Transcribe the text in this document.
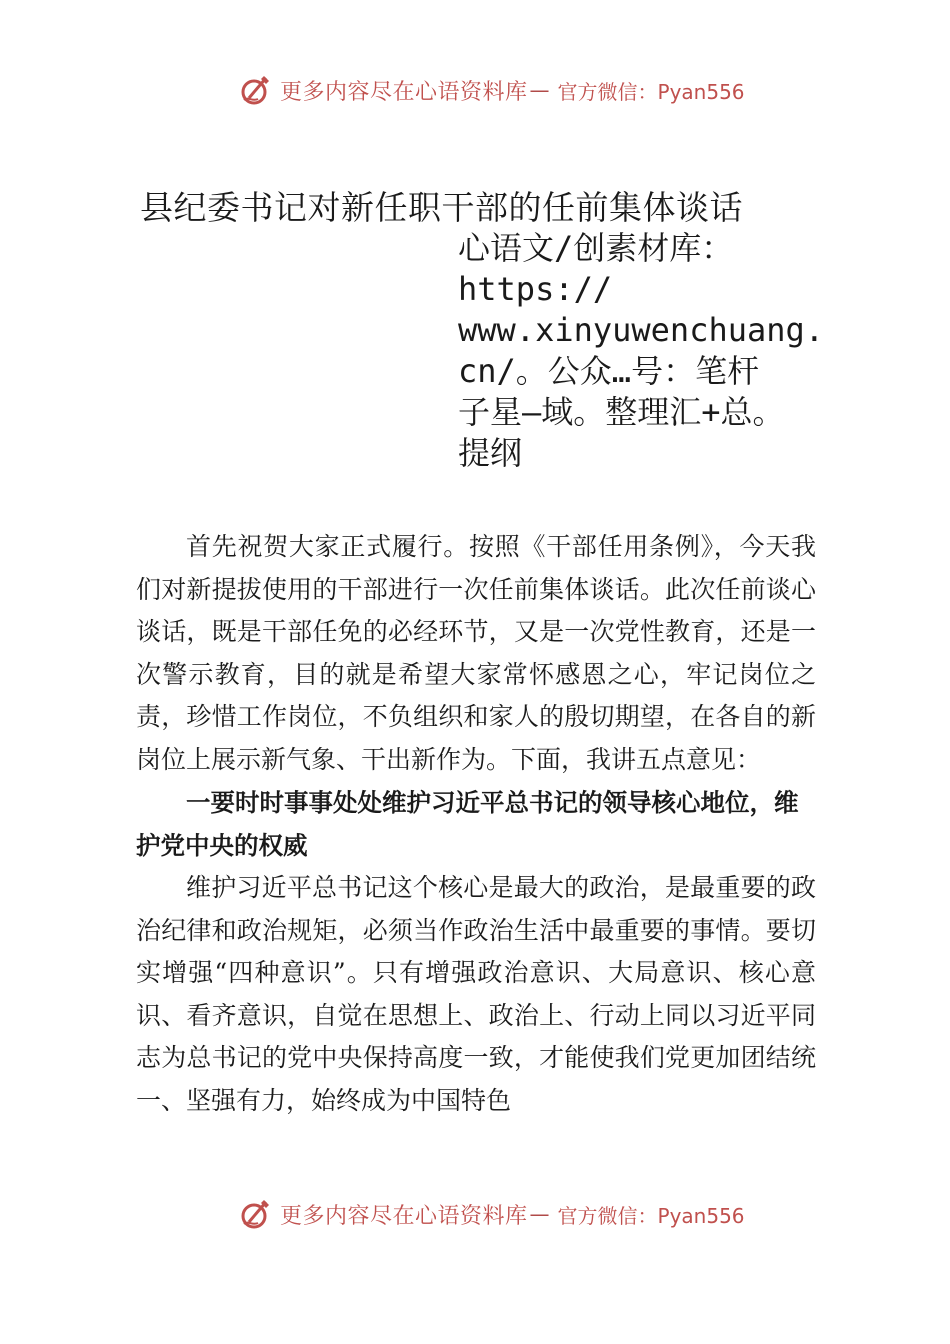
更多内容尽在心语资料库 — 官方微信：Pyan556
县纪委书记对新任职干部的任前集体谈话
心语文/创素材库：
https://
www.xinyuwenchuang.
cn/。公众…号：笔杆
子星—域。整理汇+总。
提纲

首先祝贺大家正式履行。按照《干部任用条例》，今天我们对新提拔使用的干部进行一次任前集体谈话。此次任前谈心谈话，既是干部任免的必经环节，又是一次党性教育，还是一次警示教育，目的就是希望大家常怀感恩之心，牢记岗位之责，珍惜工作岗位，不负组织和家人的殷切期望，在各自的新岗位上展示新气象、干出新作为。下面，我讲五点意见：

一要时时事事处处维护习近平总书记的领导核心地位，维护党中央的权威

维护习近平总书记这个核心是最大的政治，是最重要的政治纪律和政治规矩，必须当作政治生活中最重要的事情。要切实增强“四种意识”。只有增强政治意识、大局意识、核心意识、看齐意识，自觉在思想上、政治上、行动上同以习近平同志为总书记的党中央保持高度一致，才能使我们党更加团结统一、坚强有力，始终成为中国特色

更多内容尽在心语资料库 — 官方微信：Pyan556
